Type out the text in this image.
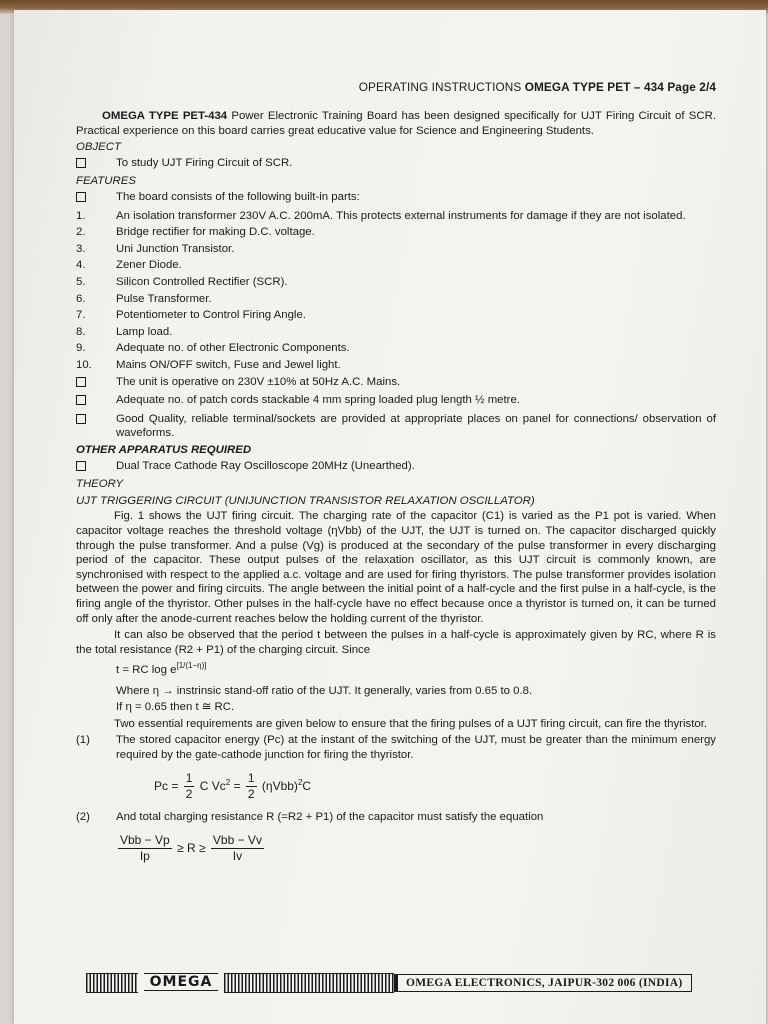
OPERATING INSTRUCTIONS OMEGA TYPE PET – 434 Page 2/4

OMEGA TYPE PET-434 Power Electronic Training Board has been designed specifically for UJT Firing Circuit of SCR. Practical experience on this board carries great educative value for Science and Engineering Students.

OBJECT
To study UJT Firing Circuit of SCR.
FEATURES
The board consists of the following built-in parts:
1.	An isolation transformer 230V A.C. 200mA. This protects external instruments for damage if they are not isolated.
2.	Bridge rectifier for making D.C. voltage.
3.	Uni Junction Transistor.
4.	Zener Diode.
5.	Silicon Controlled Rectifier (SCR).
6.	Pulse Transformer.
7.	Potentiometer to Control Firing Angle.
8.	Lamp load.
9.	Adequate no. of other Electronic Components.
10.	Mains ON/OFF switch, Fuse and Jewel light.
The unit is operative on 230V ±10% at 50Hz A.C. Mains.
Adequate no. of patch cords stackable 4 mm spring loaded plug length ½ metre.
Good Quality, reliable terminal/sockets are provided at appropriate places on panel for connections/ observation of waveforms.
OTHER APPARATUS REQUIRED
Dual Trace Cathode Ray Oscilloscope 20MHz (Unearthed).
THEORY
UJT TRIGGERING CIRCUIT (UNIJUNCTION TRANSISTOR RELAXATION OSCILLATOR)

Fig. 1 shows the UJT firing circuit. The charging rate of the capacitor (C1) is varied as the P1 pot is varied. When capacitor voltage reaches the threshold voltage (ηVbb) of the UJT, the UJT is turned on. The capacitor discharged quickly through the pulse transformer. And a pulse (Vg) is produced at the secondary of the pulse transformer in every discharging period of the capacitor. These output pulses of the relaxation oscillator, as this UJT circuit is commonly known, are synchronised with respect to the applied a.c. voltage and are used for firing thyristors. The pulse transformer provides isolation between the power and firing circuits. The angle between the initial point of a half-cycle and the first pulse in a half-cycle, is the firing angle of the thyristor. Other pulses in the half-cycle have no effect because once a thyristor is turned on, it can be turned off only after the anode-current reaches below the holding current of the thyristor.

It can also be observed that the period t between the pulses in a half-cycle is approximately given by RC, where R is the total resistance (R2 + P1) of the charging circuit. Since

t = RC log e[1/(1−η)]
Where η → instrinsic stand-off ratio of the UJT. It generally, varies from 0.65 to 0.8.
If η = 0.65 then t ≅ RC.

Two essential requirements are given below to ensure that the firing pulses of a UJT firing circuit, can fire the thyristor.

(1)	The stored capacitor energy (Pc) at the instant of the switching of the UJT, must be greater than the minimum energy required by the gate-cathode junction for firing the thyristor.
$Pc = \frac{1}{2}$ C $Vc^2 = \frac{1}{2} (\eta Vbb)^2C$
(2)	And total charging resistance R (=R2 + P1) of the capacitor must satisfy the equation
$\frac{\text{Vbb − Vp}}{Ip} \ge R \ge \frac{\text{Vbb − Vv}}{Iv}$
OMEGA	OMEGA ELECTRONICS, JAIPUR-302 006 (INDIA)
